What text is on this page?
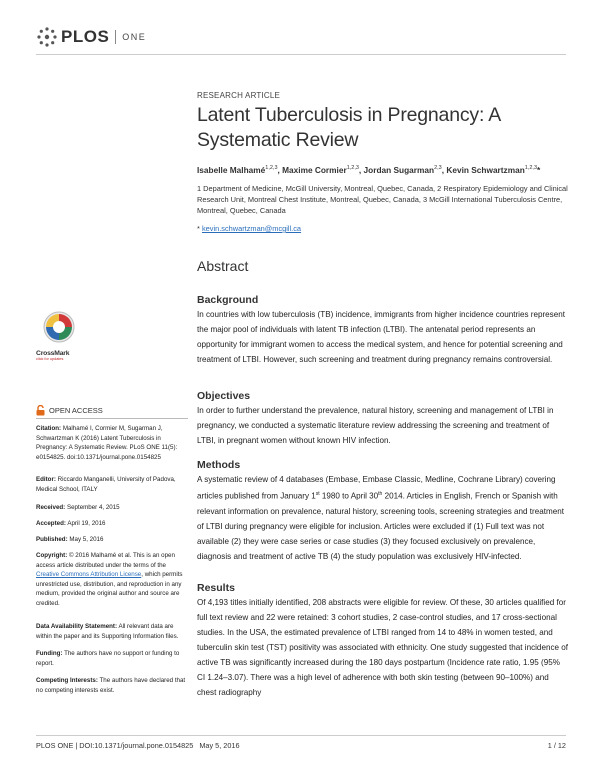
PLOS ONE
RESEARCH ARTICLE
Latent Tuberculosis in Pregnancy: A
Systematic Review
Isabelle Malhamé$^{1,2,3}$, Maxime Cormier$^{1,2,3}$, Jordan Sugarman$^{2,3}$, Kevin Schwartzman$^{1,2,3}$*
1 Department of Medicine, McGill University, Montreal, Quebec, Canada, 2 Respiratory Epidemiology and Clinical Research Unit, Montreal Chest Institute, Montreal, Quebec, Canada, 3 McGill International Tuberculosis Centre, Montreal, Quebec, Canada
* kevin.schwartzman@mcgill.ca
Abstract
Background
In countries with low tuberculosis (TB) incidence, immigrants from higher incidence countries represent the major pool of individuals with latent TB infection (LTBI). The antenatal period represents an opportunity for immigrant women to access the medical system, and hence for potential screening and treatment of LTBI. However, such screening and treatment during pregnancy remains controversial.
Objectives
In order to further understand the prevalence, natural history, screening and management of LTBI in pregnancy, we conducted a systematic literature review addressing the screening and treatment of LTBI, in pregnant women without known HIV infection.
Methods
A systematic review of 4 databases (Embase, Embase Classic, Medline, Cochrane Library) covering articles published from January 1st 1980 to April 30th 2014. Articles in English, French or Spanish with relevant information on prevalence, natural history, screening tools, screening strategies and treatment of LTBI during pregnancy were eligible for inclusion. Articles were excluded if (1) Full text was not available (2) they were case series or case studies (3) they focused exclusively on prevalence, diagnosis and treatment of active TB (4) the study population was exclusively HIV-infected.
Results
Of 4,193 titles initially identified, 208 abstracts were eligible for review. Of these, 30 articles qualified for full text review and 22 were retained: 3 cohort studies, 2 case-control studies, and 17 cross-sectional studies. In the USA, the estimated prevalence of LTBI ranged from 14 to 48% in women tested, and tuberculin skin test (TST) positivity was associated with ethnicity. One study suggested that incidence of active TB was significantly increased during the 180 days postpartum (Incidence rate ratio, 1.95 (95% CI 1.24–3.07). There was a high level of adherence with both skin testing (between 90–100%) and chest radiography
CrossMark
click for updates
OPEN ACCESS
Citation: Malhamé I, Cormier M, Sugarman J, Schwartzman K (2016) Latent Tuberculosis in Pregnancy: A Systematic Review. PLoS ONE 11(5): e0154825. doi:10.1371/journal.pone.0154825
Editor: Riccardo Manganelli, University of Padova, Medical School, ITALY
Received: September 4, 2015
Accepted: April 19, 2016
Published: May 5, 2016
Copyright: © 2016 Malhamé et al. This is an open access article distributed under the terms of the Creative Commons Attribution License, which permits unrestricted use, distribution, and reproduction in any medium, provided the original author and source are credited.
Data Availability Statement: All relevant data are within the paper and its Supporting Information files.
Funding: The authors have no support or funding to report.
Competing Interests: The authors have declared that no competing interests exist.
PLOS ONE | DOI:10.1371/journal.pone.0154825   May 5, 2016	1 / 12
